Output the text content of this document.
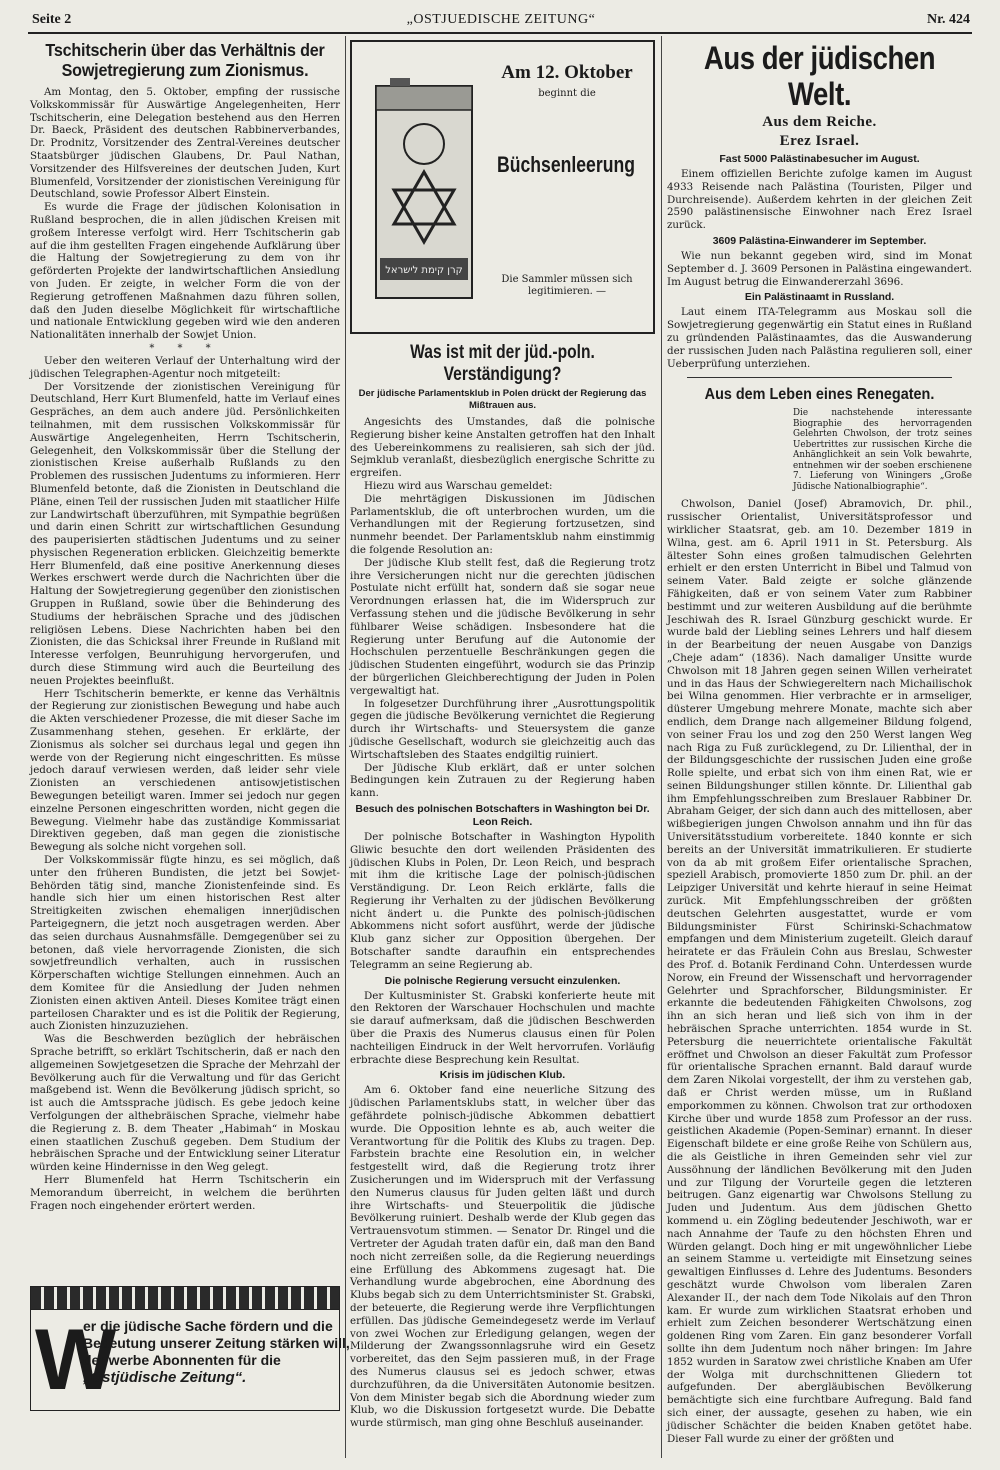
Seite 2	„OSTJUEDISCHE ZEITUNG“	Nr. 424
Tschitscherin über das Verhältnis der Sowjetregierung zum Zionismus.

Am Montag, den 5. Oktober, empfing der russische Volkskommissär für Auswärtige Angelegenheiten, Herr Tschitscherin, eine Delegation bestehend aus den Herren Dr. Baeck, Präsident des deutschen Rabbinerverbandes, Dr. Prodnitz, Vorsitzender des Zentral-Vereines deutscher Staatsbürger jüdischen Glaubens, Dr. Paul Nathan, Vorsitzender des Hilfsvereines der deutschen Juden, Kurt Blumenfeld, Vorsitzender der zionistischen Vereinigung für Deutschland, sowie Professor Albert Einstein.

Es wurde die Frage der jüdischen Kolonisation in Rußland besprochen, die in allen jüdischen Kreisen mit großem Interesse verfolgt wird. Herr Tschitscherin gab auf die ihm gestellten Fragen eingehende Aufklärung über die Haltung der Sowjetregierung zu dem von ihr geförderten Projekte der landwirtschaftlichen Ansiedlung von Juden. Er zeigte, in welcher Form die von der Regierung getroffenen Maßnahmen dazu führen sollen, daß den Juden dieselbe Möglichkeit für wirtschaftliche und nationale Entwicklung gegeben wird wie den anderen Nationalitäten innerhalb der Sowjet Union.

* * *

Ueber den weiteren Verlauf der Unterhaltung wird der jüdischen Telegraphen-Agentur noch mitgeteilt:

Der Vorsitzende der zionistischen Vereinigung für Deutschland, Herr Kurt Blumenfeld, hatte im Verlauf eines Gespräches, an dem auch andere jüd. Persönlichkeiten teilnahmen, mit dem russischen Volkskommissär für Auswärtige Angelegenheiten, Herrn Tschitscherin, Gelegenheit, den Volkskommissär über die Stellung der zionistischen Kreise außerhalb Rußlands zu den Problemen des russischen Judentums zu informieren. Herr Blumenfeld betonte, daß die Zionisten in Deutschland die Pläne, einen Teil der russischen Juden mit staatlicher Hilfe zur Landwirtschaft überzuführen, mit Sympathie begrüßen und darin einen Schritt zur wirtschaftlichen Gesundung des pauperisierten städtischen Judentums und zu seiner physischen Regeneration erblicken. Gleichzeitig bemerkte Herr Blumenfeld, daß eine positive Anerkennung dieses Werkes erschwert werde durch die Nachrichten über die Haltung der Sowjetregierung gegenüber den zionistischen Gruppen in Rußland, sowie über die Behinderung des Studiums der hebräischen Sprache und des jüdischen religiösen Lebens. Diese Nachrichten haben bei den Zionisten, die das Schicksal ihrer Freunde in Rußland mit Interesse verfolgen, Beunruhigung hervorgerufen, und durch diese Stimmung wird auch die Beurteilung des neuen Projektes beeinflußt.

Herr Tschitscherin bemerkte, er kenne das Verhältnis der Regierung zur zionistischen Bewegung und habe auch die Akten verschiedener Prozesse, die mit dieser Sache im Zusammenhang stehen, gesehen. Er erklärte, der Zionismus als solcher sei durchaus legal und gegen ihn werde von der Regierung nicht eingeschritten. Es müsse jedoch darauf verwiesen werden, daß leider sehr viele Zionisten an verschiedenen antisowjetistischen Bewegungen beteiligt waren. Immer sei jedoch nur gegen einzelne Personen eingeschritten worden, nicht gegen die Bewegung. Vielmehr habe das zuständige Kommissariat Direktiven gegeben, daß man gegen die zionistische Bewegung als solche nicht vorgehen soll.

Der Volkskommissär fügte hinzu, es sei möglich, daß unter den früheren Bundisten, die jetzt bei Sowjet-Behörden tätig sind, manche Zionistenfeinde sind. Es handle sich hier um einen historischen Rest alter Streitigkeiten zwischen ehemaligen innerjüdischen Parteigegnern, die jetzt noch ausgetragen werden. Aber das seien durchaus Ausnahmsfälle. Demgegenüber sei zu betonen, daß viele hervorragende Zionisten, die sich sowjetfreundlich verhalten, auch in russischen Körperschaften wichtige Stellungen einnehmen. Auch an dem Komitee für die Ansiedlung der Juden nehmen Zionisten einen aktiven Anteil. Dieses Komitee trägt einen parteilosen Charakter und es ist die Politik der Regierung, auch Zionisten hinzuzuziehen.

Was die Beschwerden bezüglich der hebräischen Sprache betrifft, so erklärt Tschitscherin, daß er nach den allgemeinen Sowjetgesetzen die Sprache der Mehrzahl der Bevölkerung auch für die Verwaltung und für das Gericht maßgebend ist. Wenn die Bevölkerung jüdisch spricht, so ist auch die Amtssprache jüdisch. Es gebe jedoch keine Verfolgungen der althebräischen Sprache, vielmehr habe die Regierung z. B. dem Theater „Habimah“ in Moskau einen staatlichen Zuschuß gegeben. Dem Studium der hebräischen Sprache und der Entwicklung seiner Literatur würden keine Hindernisse in den Weg gelegt.

Herr Blumenfeld hat Herrn Tschitscherin ein Memorandum überreicht, in welchem die berührten Fragen noch eingehender erörtert werden.

W
er die jüdische Sache fördern und die
Bedeutung unserer Zeitung stärken will,
der werbe Abonnenten für die
„Ostjüdische Zeitung“.
קרן קימת לישראל
Am 12. Oktober
beginnt die
Büchsenleerung
Die Sammler müssen sich legitimieren. —
Was ist mit der jüd.-poln. Verständigung?
Der jüdische Parlamentsklub in Polen drückt der Regierung das Mißtrauen aus.

Angesichts des Umstandes, daß die polnische Regierung bisher keine Anstalten getroffen hat den Inhalt des Uebereinkommens zu realisieren, sah sich der jüd. Sejmklub veranlaßt, diesbezüglich energische Schritte zu ergreifen.

Hiezu wird aus Warschau gemeldet:

Die mehrtägigen Diskussionen im Jüdischen Parlamentsklub, die oft unterbrochen wurden, um die Verhandlungen mit der Regierung fortzusetzen, sind nunmehr beendet. Der Parlamentsklub nahm einstimmig die folgende Resolution an:

Der jüdische Klub stellt fest, daß die Regierung trotz ihre Versicherungen nicht nur die gerechten jüdischen Postulate nicht erfüllt hat, sondern daß sie sogar neue Verordnungen erlassen hat, die im Widerspruch zur Verfassung stehen und die jüdische Bevölkerung in sehr fühlbarer Weise schädigen. Insbesondere hat die Regierung unter Berufung auf die Autonomie der Hochschulen perzentuelle Beschränkungen gegen die jüdischen Studenten eingeführt, wodurch sie das Prinzip der bürgerlichen Gleichberechtigung der Juden in Polen vergewaltigt hat.

In folgesetzer Durchführung ihrer „Ausrottungspolitik gegen die jüdische Bevölkerung vernichtet die Regierung durch ihr Wirtschafts- und Steuersystem die ganze jüdische Gesellschaft, wodurch sie gleichzeitig auch das Wirtschaftsleben des Staates endgiltig ruiniert.

Der Jüdische Klub erklärt, daß er unter solchen Bedingungen kein Zutrauen zu der Regierung haben kann.

Besuch des polnischen Botschafters in Washington bei Dr. Leon Reich.

Der polnische Botschafter in Washington Hypolith Gliwic besuchte den dort weilenden Präsidenten des jüdischen Klubs in Polen, Dr. Leon Reich, und besprach mit ihm die kritische Lage der polnisch-jüdischen Verständigung. Dr. Leon Reich erklärte, falls die Regierung ihr Verhalten zu der jüdischen Bevölkerung nicht ändert u. die Punkte des polnisch-jüdischen Abkommens nicht sofort ausführt, werde der jüdische Klub ganz sicher zur Opposition übergehen. Der Botschafter sandte daraufhin ein entsprechendes Telegramm an seine Regierung ab.

Die polnische Regierung versucht einzulenken.

Der Kultusminister St. Grabski konferierte heute mit den Rektoren der Warschauer Hochschulen und machte sie darauf aufmerksam, daß die jüdischen Beschwerden über die Praxis des Numerus clausus einen für Polen nachteiligen Eindruck in der Welt hervorrufen. Vorläufig erbrachte diese Besprechung kein Resultat.

Krisis im jüdischen Klub.

Am 6. Oktober fand eine neuerliche Sitzung des jüdischen Parlamentsklubs statt, in welcher über das gefährdete polnisch-jüdische Abkommen debattiert wurde. Die Opposition lehnte es ab, auch weiter die Verantwortung für die Politik des Klubs zu tragen. Dep. Farbstein brachte eine Resolution ein, in welcher festgestellt wird, daß die Regierung trotz ihrer Zusicherungen und im Widerspruch mit der Verfassung den Numerus clausus für Juden gelten läßt und durch ihre Wirtschafts- und Steuerpolitik die jüdische Bevölkerung ruiniert. Deshalb werde der Klub gegen das Vertrauensvotum stimmen. — Senator Dr. Ringel und die Vertreter der Agudah traten dafür ein, daß man den Band noch nicht zerreißen solle, da die Regierung neuerdings eine Erfüllung des Abkommens zugesagt hat. Die Verhandlung wurde abgebrochen, eine Abordnung des Klubs begab sich zu dem Unterrichtsminister St. Grabski, der beteuerte, die Regierung werde ihre Verpflichtungen erfüllen. Das jüdische Gemeindegesetz werde im Verlauf von zwei Wochen zur Erledigung gelangen, wegen der Milderung der Zwangssonnlagsruhe wird ein Gesetz vorbereitet, das den Sejm passieren muß, in der Frage des Numerus clausus sei es jedoch schwer, etwas durchzuführen, da die Universitäten Autonomie besitzen. Von dem Minister begab sich die Abordnung wieder zum Klub, wo die Diskussion fortgesetzt wurde. Die Debatte wurde stürmisch, man ging ohne Beschluß auseinander.

Aus der jüdischen Welt.
Aus dem Reiche.
Erez Israel.
Fast 5000 Palästinabesucher im August.

Einem offiziellen Berichte zufolge kamen im August 4933 Reisende nach Palästina (Touristen, Pilger und Durchreisende). Außerdem kehrten in der gleichen Zeit 2590 palästinensische Einwohner nach Erez Israel zurück.

3609 Palästina-Einwanderer im September.

Wie nun bekannt gegeben wird, sind im Monat September d. J. 3609 Personen in Palästina eingewandert. Im August betrug die Einwandererzahl 3696.

Ein Palästinaamt in Russland.

Laut einem ITA-Telegramm aus Moskau soll die Sowjetregierung gegenwärtig ein Statut eines in Rußland zu gründenden Palästinaamtes, das die Auswanderung der russischen Juden nach Palästina regulieren soll, einer Ueberprüfung unterziehen.

Aus dem Leben eines Renegaten.
Die nachstehende interessante Biographie des hervorragenden Gelehrten Chwolson, der trotz seines Uebertrittes zur russischen Kirche die Anhänglichkeit an sein Volk bewahrte, entnehmen wir der soeben erschienene 7. Lieferung von Winingers „Große Jüdische Nationalbiographie“.

Chwolson, Daniel (Josef) Abramovich, Dr. phil., russischer Orientalist, Universitätsprofessor und wirklicher Staatsrat, geb. am 10. Dezember 1819 in Wilna, gest. am 6. April 1911 in St. Petersburg. Als ältester Sohn eines großen talmudischen Gelehrten erhielt er den ersten Unterricht in Bibel und Talmud von seinem Vater. Bald zeigte er solche glänzende Fähigkeiten, daß er von seinem Vater zum Rabbiner bestimmt und zur weiteren Ausbildung auf die berühmte Jeschiwah des R. Israel Günzburg geschickt wurde. Er wurde bald der Liebling seines Lehrers und half diesem in der Bearbeitung der neuen Ausgabe von Danzigs „Cheje adam“ (1836). Nach damaliger Unsitte wurde Chwolson mit 18 Jahren gegen seinen Willen verheiratet und in das Haus der Schwiegereltern nach Michailischok bei Wilna genommen. Hier verbrachte er in armseliger, düsterer Umgebung mehrere Monate, machte sich aber endlich, dem Drange nach allgemeiner Bildung folgend, von seiner Frau los und zog den 250 Werst langen Weg nach Riga zu Fuß zurücklegend, zu Dr. Lilienthal, der in der Bildungsgeschichte der russischen Juden eine große Rolle spielte, und erbat sich von ihm einen Rat, wie er seinen Bildungshunger stillen könnte. Dr. Lilienthal gab ihm Empfehlungsschreiben zum Breslauer Rabbiner Dr. Abraham Geiger, der sich dann auch des mittellosen, aber wißbegierigen jungen Chwolson annahm und ihn für das Universitätsstudium vorbereitete. 1840 konnte er sich bereits an der Universität immatrikulieren. Er studierte von da ab mit großem Eifer orientalische Sprachen, speziell Arabisch, promovierte 1850 zum Dr. phil. an der Leipziger Universität und kehrte hierauf in seine Heimat zurück. Mit Empfehlungsschreiben der größten deutschen Gelehrten ausgestattet, wurde er vom Bildungsminister Fürst Schirinski-Schachmatow empfangen und dem Ministerium zugeteilt. Gleich darauf heiratete er das Fräulein Cohn aus Breslau, Schwester des Prof. d. Botanik Ferdinand Cohn. Unterdessen wurde Norow, ein Freund der Wissenschaft und hervorragender Gelehrter und Sprachforscher, Bildungsminister. Er erkannte die bedeutenden Fähigkeiten Chwolsons, zog ihn an sich heran und ließ sich von ihm in der hebräischen Sprache unterrichten. 1854 wurde in St. Petersburg die neuerrichtete orientalische Fakultät eröffnet und Chwolson an dieser Fakultät zum Professor für orientalische Sprachen ernannt. Bald darauf wurde dem Zaren Nikolai vorgestellt, der ihm zu verstehen gab, daß er Christ werden müsse, um in Rußland emporkommen zu können. Chwolson trat zur orthodoxen Kirche über und wurde 1858 zum Professor an der russ. geistlichen Akademie (Popen-Seminar) ernannt. In dieser Eigenschaft bildete er eine große Reihe von Schülern aus, die als Geistliche in ihren Gemeinden sehr viel zur Aussöhnung der ländlichen Bevölkerung mit den Juden und zur Tilgung der Vorurteile gegen die letzteren beitrugen. Ganz eigenartig war Chwolsons Stellung zu Juden und Judentum. Aus dem jüdischen Ghetto kommend u. ein Zögling bedeutender Jeschiwoth, war er nach Annahme der Taufe zu den höchsten Ehren und Würden gelangt. Doch hing er mit ungewöhnlicher Liebe an seinem Stamme u. verteidigte mit Einsetzung seines gewaltigen Einflusses d. Lehre des Judentums. Besonders geschätzt wurde Chwolson vom liberalen Zaren Alexander II., der nach dem Tode Nikolais auf den Thron kam. Er wurde zum wirklichen Staatsrat erhoben und erhielt zum Zeichen besonderer Wertschätzung einen goldenen Ring vom Zaren. Ein ganz besonderer Vorfall sollte ihn dem Judentum noch näher bringen: Im Jahre 1852 wurden in Saratow zwei christliche Knaben am Ufer der Wolga mit durchschnittenen Gliedern tot aufgefunden. Der abergläubischen Bevölkerung bemächtigte sich eine furchtbare Aufregung. Bald fand sich einer, der aussagte, gesehen zu haben, wie ein jüdischer Schächter die beiden Knaben getötet habe. Dieser Fall wurde zu einer der größten und
